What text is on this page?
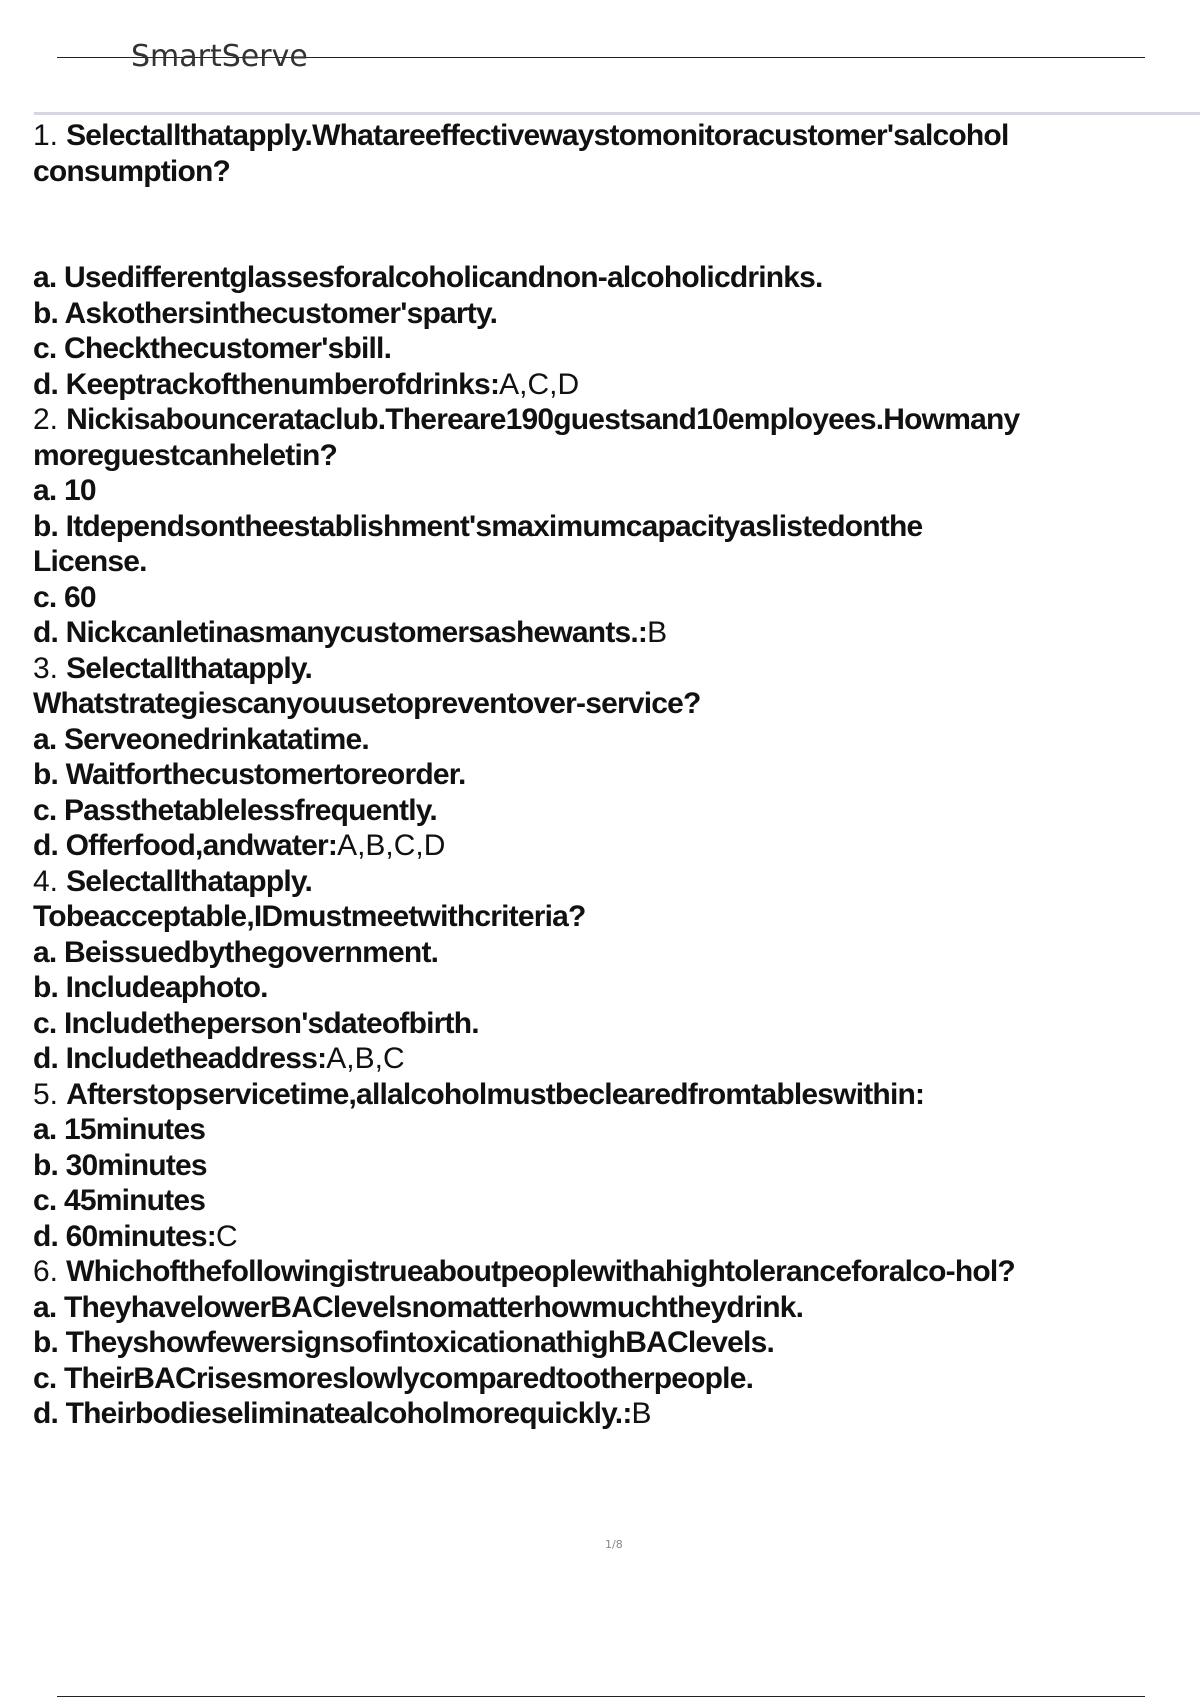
SmartServe
1. Selectallthatapply.Whatareeffectivewaystomonitoracustomer'salcohol
consumption?
a. Usedifferentglassesforalcoholicandnon-alcoholicdrinks.
b. Askothersinthecustomer'sparty.
c. Checkthecustomer'sbill.
d. Keeptrackofthenumberofdrinks:A,C,D
2. Nickisabouncerataclub.Thereare190guestsand10employees.Howmany
moreguestcanheletin?
a. 10
b. Itdependsontheestablishment'smaximumcapacityaslistedonthe
License.
c. 60
d. Nickcanletinasmanycustomersashewants.:B
3. Selectallthatapply.
Whatstrategiescanyouusetopreventover-service?
a. Serveonedrinkatatime.
b. Waitforthecustomertoreorder.
c. Passthetablelessfrequently.
d. Offerfood,andwater:A,B,C,D
4. Selectallthatapply.
Tobeacceptable,IDmustmeetwithcriteria?
a. Beissuedbythegovernment.
b. Includeaphoto.
c. Includetheperson'sdateofbirth.
d. Includetheaddress:A,B,C
5. Afterstopservicetime,allalcoholmustbeclearedfromtableswithin:
a. 15minutes
b. 30minutes
c. 45minutes
d. 60minutes:C
6. Whichofthefollowingistrueaboutpeoplewithahightoleranceforalco-hol?
a. TheyhavelowerBAClevelsnomatterhowmuchtheydrink.
b. TheyshowfewersignsofintoxicationathighBAClevels.
c. TheirBACrisesmoreslowlycomparedtootherpeople.
d. Theirbodieseliminatealcoholmorequickly.:B
1/8
